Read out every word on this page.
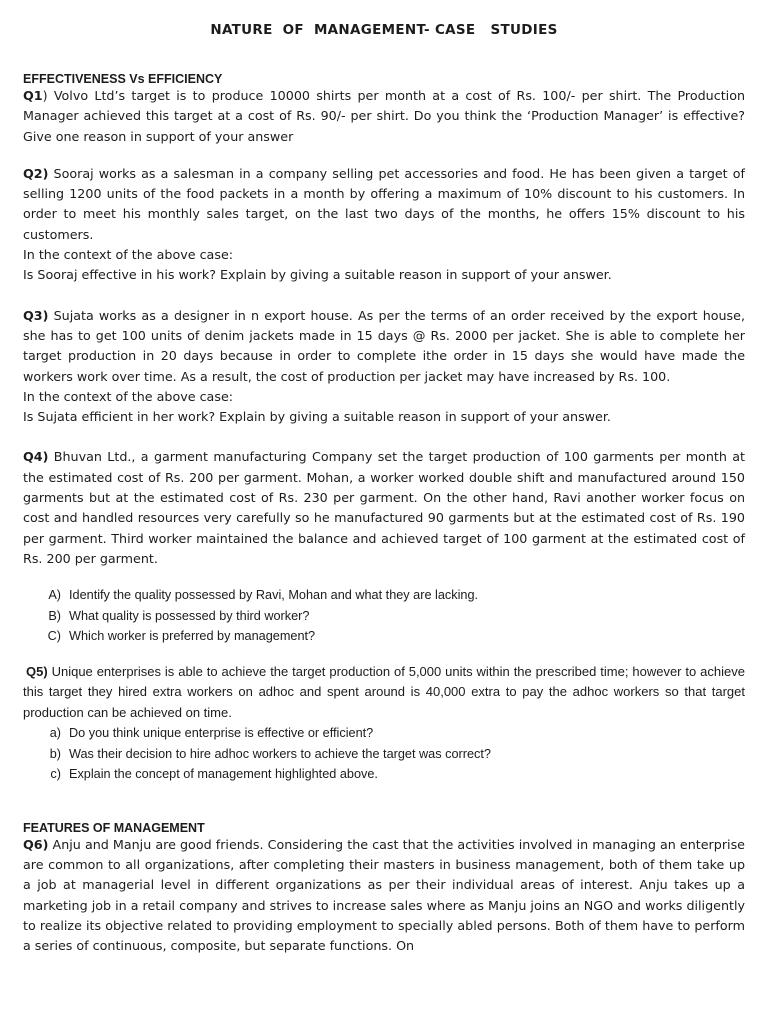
NATURE  OF  MANAGEMENT- CASE   STUDIES
EFFECTIVENESS Vs EFFICIENCY

Q1) Volvo Ltd’s target is to produce 10000 shirts per month at a cost of Rs. 100/- per shirt. The Production Manager achieved this target at a cost of Rs. 90/- per shirt. Do you think the ‘Production Manager’ is effective? Give one reason in support of your answer

Q2) Sooraj works as a salesman in a company selling pet accessories and food. He has been given a target of selling 1200 units of the food packets in a month by offering a maximum of 10% discount to his customers. In order to meet his monthly sales target, on the last two days of the months, he offers 15% discount to his customers.

In the context of the above case:

Is Sooraj effective in his work? Explain by giving a suitable reason in support of your answer.

Q3) Sujata works as a designer in n export house. As per the terms of an order received by the export house, she has to get 100 units of denim jackets made in 15 days @ Rs. 2000 per jacket. She is able to complete her target production in 20 days because in order to complete ithe order in 15 days she would have made the workers work over time. As a result, the cost of production per jacket may have increased by Rs. 100.

In the context of the above case:

Is Sujata efficient in her work? Explain by giving a suitable reason in support of your answer.

Q4) Bhuvan Ltd., a garment manufacturing Company set the target production of 100 garments per month at the estimated cost of Rs. 200 per garment. Mohan, a worker worked double shift and manufactured around 150 garments but at the estimated cost of Rs. 230 per garment. On the other hand, Ravi another worker focus on cost and handled resources very carefully so he manufactured 90 garments but at the estimated cost of Rs. 190 per garment. Third worker maintained the balance and achieved target of 100 garment at the estimated cost of Rs. 200 per garment.

A) Identify the quality possessed by Ravi, Mohan and what they are lacking.
B) What quality is possessed by third worker?
C) Which worker is preferred by management?

Q5) Unique enterprises is able to achieve the target production of 5,000 units within the prescribed time; however to achieve this target they hired extra workers on adhoc and spent around is 40,000 extra to pay the adhoc workers so that target production can be achieved on time.

a) Do you think unique enterprise is effective or efficient?
b) Was their decision to hire adhoc workers to achieve the target was correct?
c) Explain the concept of management highlighted above.
FEATURES OF MANAGEMENT

Q6) Anju and Manju are good friends. Considering the cast that the activities involved in managing an enterprise are common to all organizations, after completing their masters in business management, both of them take up a job at managerial level in different organizations as per their individual areas of interest. Anju takes up a marketing job in a retail company and strives to increase sales where as Manju joins an NGO and works diligently to realize its objective related to providing employment to specially abled persons. Both of them have to perform a series of continuous, composite, but separate functions. On
